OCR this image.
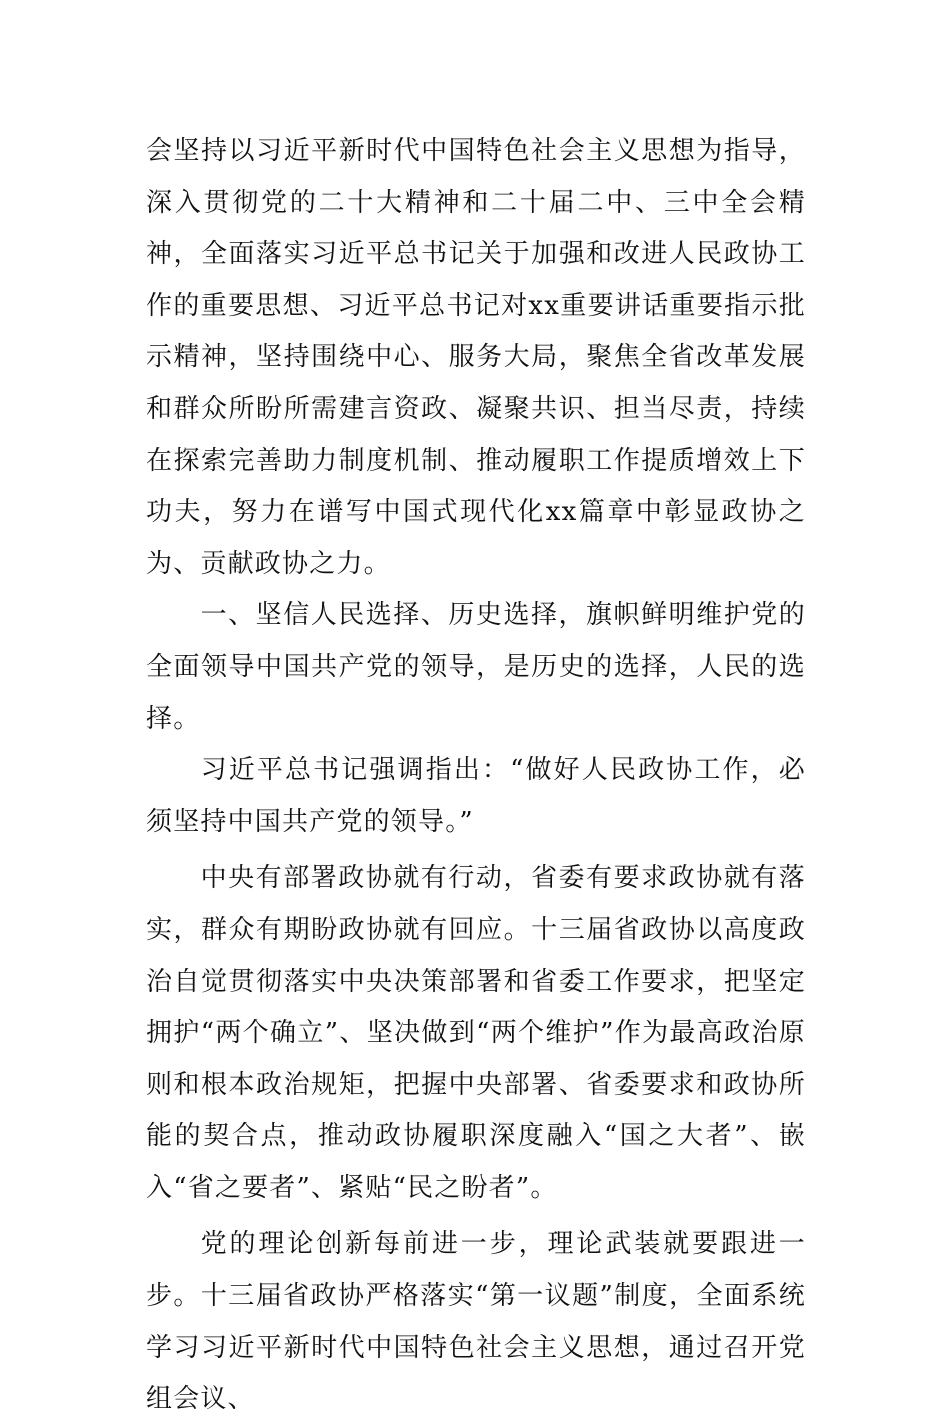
会坚持以习近平新时代中国特色社会主义思想为指导，深入贯彻党的二十大精神和二十届二中、三中全会精神，全面落实习近平总书记关于加强和改进人民政协工作的重要思想、习近平总书记对xx重要讲话重要指示批示精神，坚持围绕中心、服务大局，聚焦全省改革发展和群众所盼所需建言资政、凝聚共识、担当尽责，持续在探索完善助力制度机制、推动履职工作提质增效上下功夫，努力在谱写中国式现代化xx篇章中彰显政协之为、贡献政协之力。

一、坚信人民选择、历史选择，旗帜鲜明维护党的全面领导中国共产党的领导，是历史的选择，人民的选择。

习近平总书记强调指出：“做好人民政协工作，必须坚持中国共产党的领导。”

中央有部署政协就有行动，省委有要求政协就有落实，群众有期盼政协就有回应。十三届省政协以高度政治自觉贯彻落实中央决策部署和省委工作要求，把坚定拥护“两个确立”、坚决做到“两个维护”作为最高政治原则和根本政治规矩，把握中央部署、省委要求和政协所能的契合点，推动政协履职深度融入“国之大者”、嵌入“省之要者”、紧贴“民之盼者”。

党的理论创新每前进一步，理论武装就要跟进一步。十三届省政协严格落实“第一议题”制度，全面系统学习习近平新时代中国特色社会主义思想，通过召开党组会议、
